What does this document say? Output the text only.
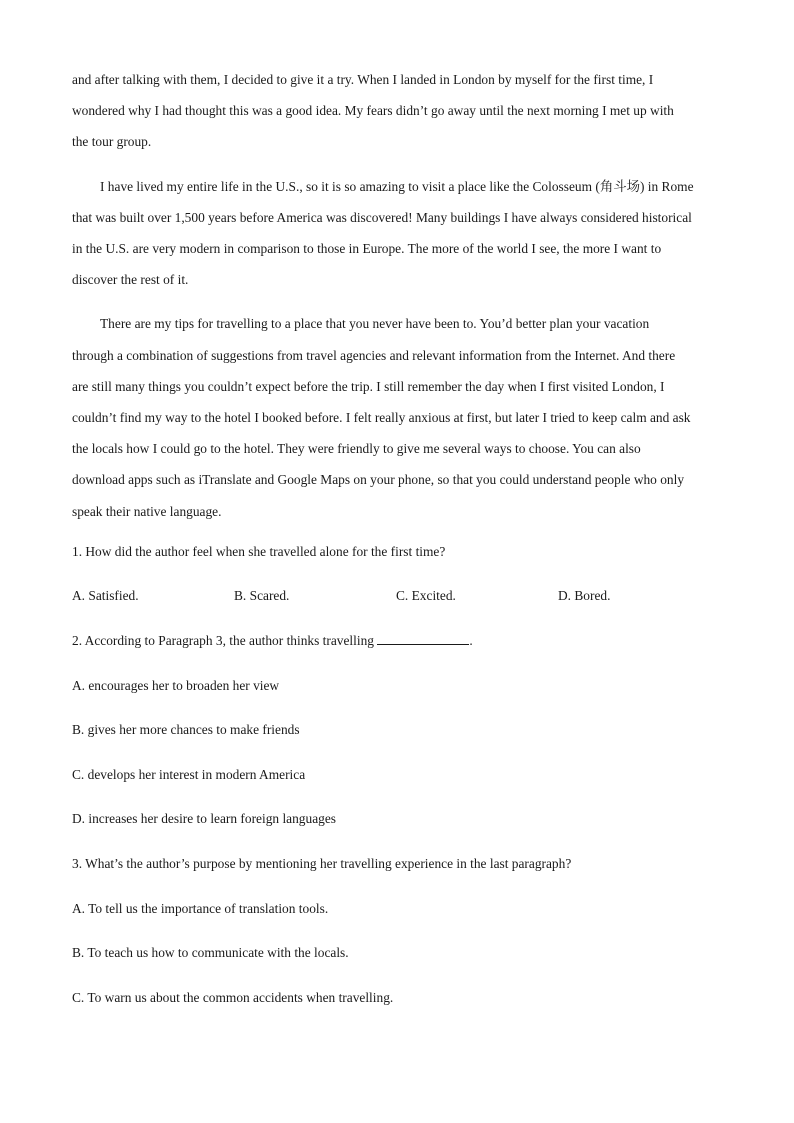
and after talking with them, I decided to give it a try. When I landed in London by myself for the first time, I
wondered why I had thought this was a good idea. My fears didn’t go away until the next morning I met up with
the tour group.
I have lived my entire life in the U.S., so it is so amazing to visit a place like the Colosseum (角斗场) in Rome
that was built over 1,500 years before America was discovered! Many buildings I have always considered historical
in the U.S. are very modern in comparison to those in Europe. The more of the world I see, the more I want to
discover the rest of it.
There are my tips for travelling to a place that you never have been to. You’d better plan your vacation
through a combination of suggestions from travel agencies and relevant information from the Internet. And there
are still many things you couldn’t expect before the trip. I still remember the day when I first visited London, I
couldn’t find my way to the hotel I booked before. I felt really anxious at first, but later I tried to keep calm and ask
the locals how I could go to the hotel. They were friendly to give me several ways to choose. You can also
download apps such as iTranslate and Google Maps on your phone, so that you could understand people who only
speak their native language.

1. How did the author feel when she travelled alone for the first time?

A. Satisfied.	B. Scared.	C. Excited.	D. Bored.

2. According to Paragraph 3, the author thinks travelling	.

A. encourages her to broaden her view

B. gives her more chances to make friends

C. develops her interest in modern America

D. increases her desire to learn foreign languages

3. What’s the author’s purpose by mentioning her travelling experience in the last paragraph?

A. To tell us the importance of translation tools.

B. To teach us how to communicate with the locals.

C. To warn us about the common accidents when travelling.
